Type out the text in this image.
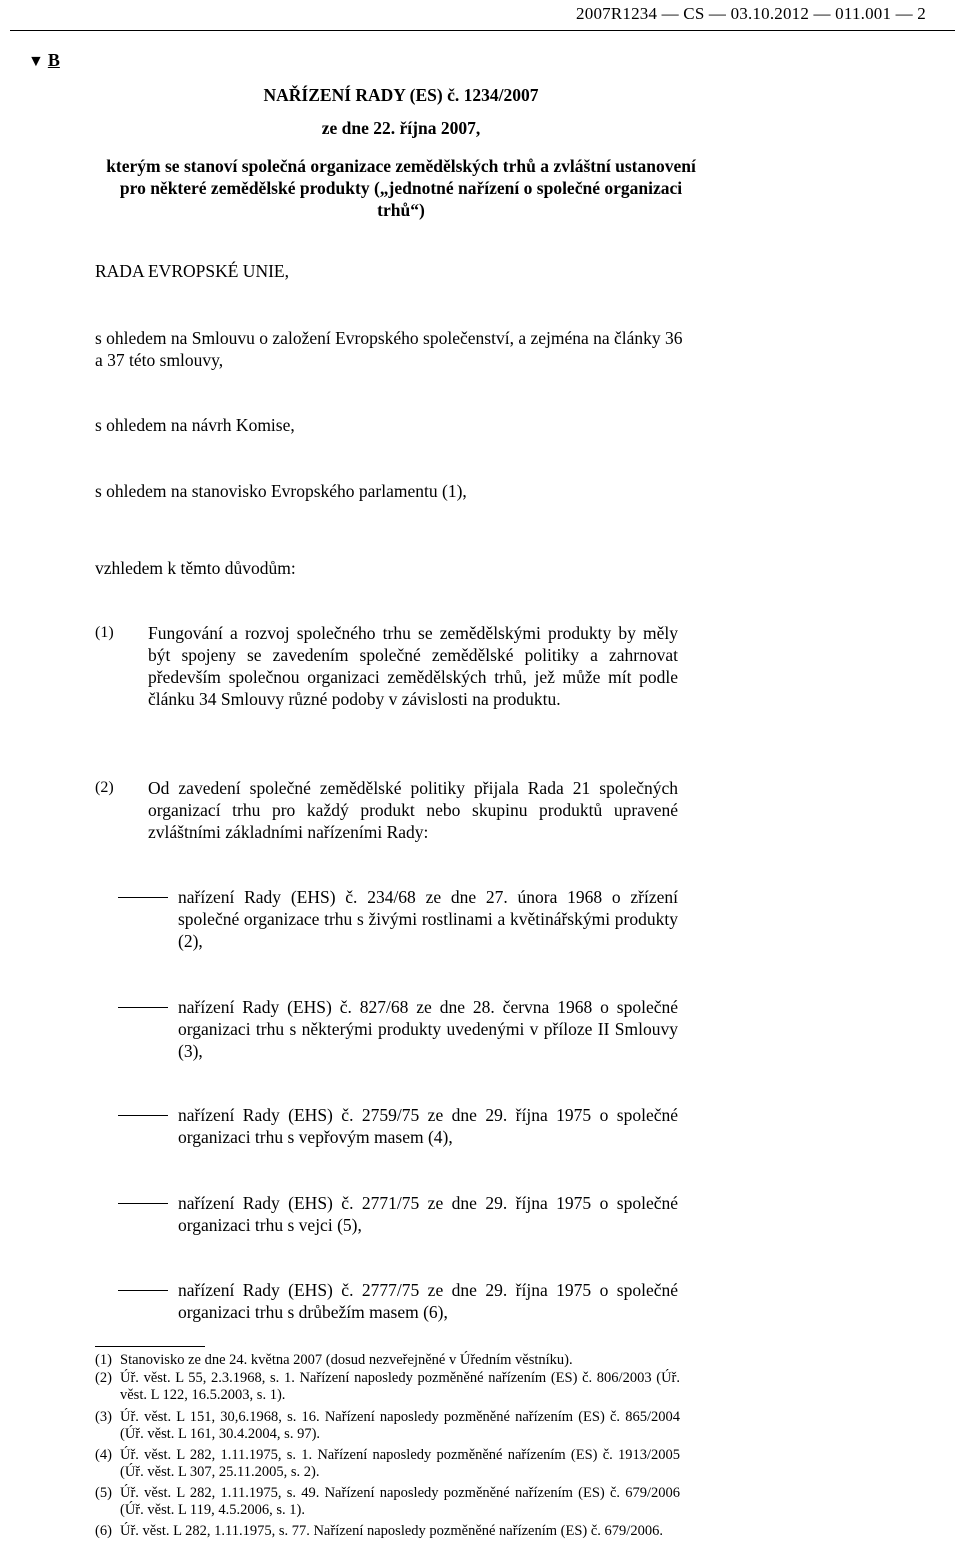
2007R1234 — CS — 03.10.2012 — 011.001 — 2
▼ B
NAŘÍZENÍ RADY (ES) č. 1234/2007
ze dne 22. října 2007,
kterým se stanoví společná organizace zemědělských trhů a zvláštní ustanovení pro některé zemědělské produkty („jednotné nařízení o společné organizaci trhů“)
RADA EVROPSKÉ UNIE,
s ohledem na Smlouvu o založení Evropského společenství, a zejména na články 36 a 37 této smlouvy,
s ohledem na návrh Komise,
s ohledem na stanovisko Evropského parlamentu (1),
vzhledem k těmto důvodům:
(1) Fungování a rozvoj společného trhu se zemědělskými produkty by měly být spojeny se zavedením společné zemědělské politiky a zahrnovat především společnou organizaci zemědělských trhů, jež může mít podle článku 34 Smlouvy různé podoby v závislosti na produktu.
(2) Od zavedení společné zemědělské politiky přijala Rada 21 společných organizací trhu pro každý produkt nebo skupinu produktů upravené zvláštními základními nařízeními Rady:
nařízení Rady (EHS) č. 234/68 ze dne 27. února 1968 o zřízení společné organizace trhu s živými rostlinami a květinářskými produkty (2),
nařízení Rady (EHS) č. 827/68 ze dne 28. června 1968 o společné organizaci trhu s některými produkty uvedenými v příloze II Smlouvy (3),
nařízení Rady (EHS) č. 2759/75 ze dne 29. října 1975 o společné organizaci trhu s vepřovým masem (4),
nařízení Rady (EHS) č. 2771/75 ze dne 29. října 1975 o společné organizaci trhu s vejci (5),
nařízení Rady (EHS) č. 2777/75 ze dne 29. října 1975 o společné organizaci trhu s drůbežím masem (6),
(1) Stanovisko ze dne 24. května 2007 (dosud nezveřejněné v Úředním věstníku).
(2) Úř. věst. L 55, 2.3.1968, s. 1. Nařízení naposledy pozměněné nařízením (ES) č. 806/2003 (Úř. věst. L 122, 16.5.2003, s. 1).
(3) Úř. věst. L 151, 30,6.1968, s. 16. Nařízení naposledy pozměněné nařízením (ES) č. 865/2004 (Úř. věst. L 161, 30.4.2004, s. 97).
(4) Úř. věst. L 282, 1.11.1975, s. 1. Nařízení naposledy pozměněné nařízením (ES) č. 1913/2005 (Úř. věst. L 307, 25.11.2005, s. 2).
(5) Úř. věst. L 282, 1.11.1975, s. 49. Nařízení naposledy pozměněné nařízením (ES) č. 679/2006 (Úř. věst. L 119, 4.5.2006, s. 1).
(6) Úř. věst. L 282, 1.11.1975, s. 77. Nařízení naposledy pozměněné nařízením (ES) č. 679/2006.
